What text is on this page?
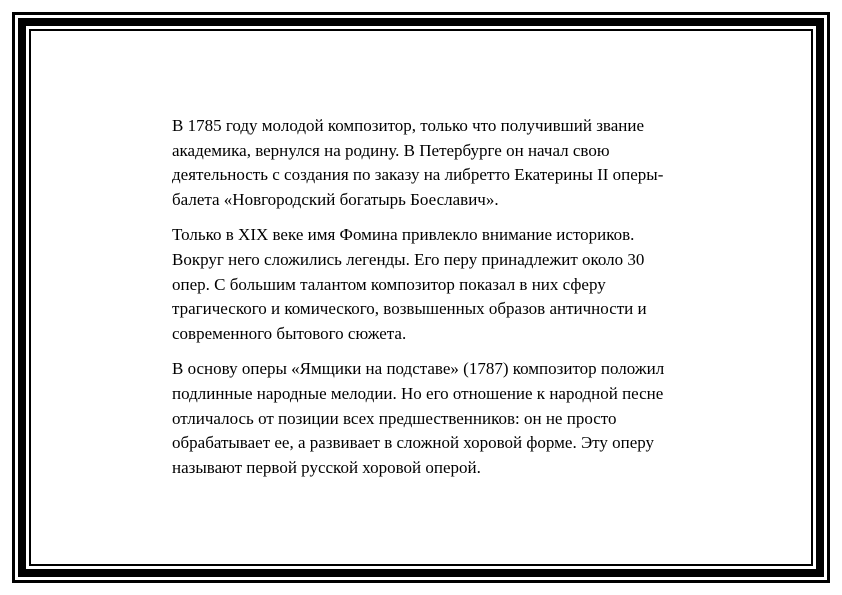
В 1785 году молодой композитор, только что получивший звание
академика, вернулся на родину. В Петербурге он начал свою
деятельность с создания по заказу на либретто Екатерины II оперы-
балета «Новгородский богатырь Боеславич».

Только в XIX веке имя Фомина привлекло внимание историков.
Вокруг него сложились легенды. Его перу принадлежит около 30
опер. С большим талантом композитор показал в них сферу
трагического и комического, возвышенных образов античности и
современного бытового сюжета.

В основу оперы «Ямщики на подставе» (1787) композитор положил
подлинные народные мелодии. Но его отношение к народной песне
отличалось от позиции всех предшественников: он не просто
обрабатывает ее, а развивает в сложной хоровой форме. Эту оперу
называют первой русской хоровой оперой.
